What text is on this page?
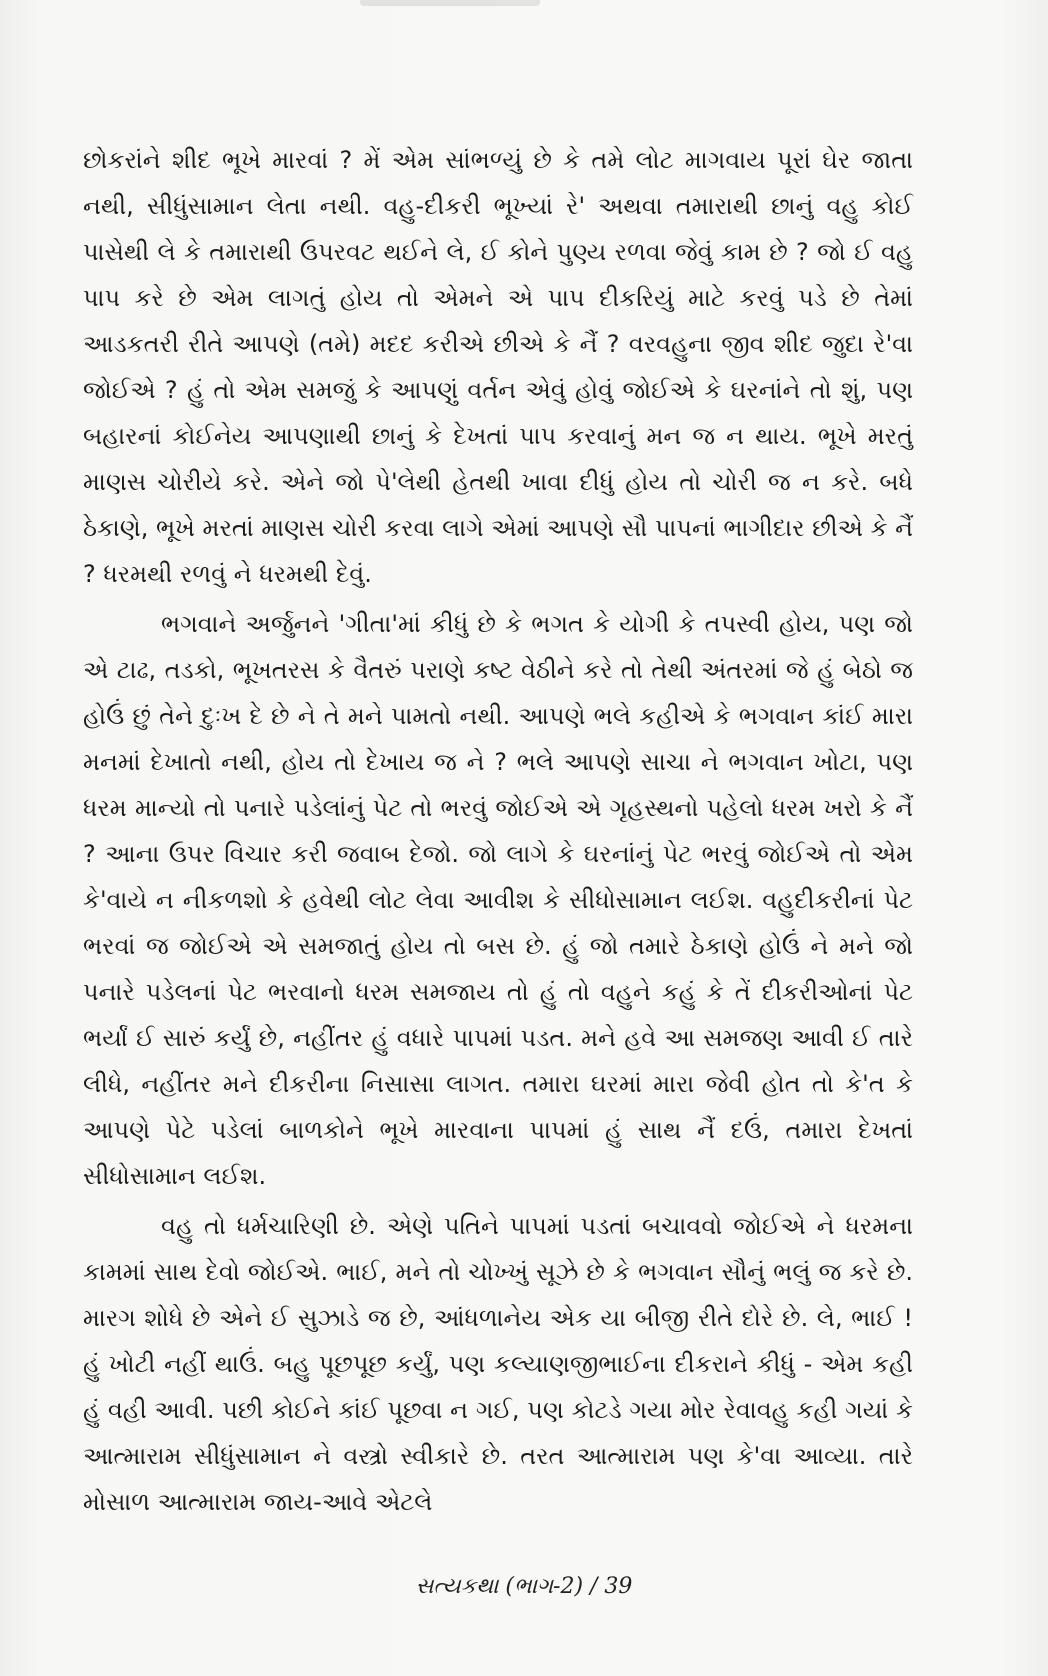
છોકરાંને શીદ ભૂખે મારવાં ? મેં એમ સાંભળ્યું છે કે તમે લોટ માગવાય પૂરાં ઘેર જાતા નથી, સીધુંસામાન લેતા નથી. વહુ-દીકરી ભૂખ્યાં રે' અથવા તમારાથી છાનું વહુ કોઈ પાસેથી લે કે તમારાથી ઉપરવટ થઈને લે, ઈ કોને પુણ્ય રળવા જેવું કામ છે ? જો ઈ વહુ પાપ કરે છે એમ લાગતું હોય તો એમને એ પાપ દીકરિયું માટે કરવું પડે છે તેમાં આડકતરી રીતે આપણે (તમે) મદદ કરીએ છીએ કે નૈં ? વરવહુના જીવ શીદ જુદા રે'વા જોઈએ ? હું તો એમ સમજું કે આપણું વર્તન એવું હોવું જોઈએ કે ઘરનાંને તો શું, પણ બહારનાં કોઈનેય આપણાથી છાનું કે દેખતાં પાપ કરવાનું મન જ ન થાય. ભૂખે મરતું માણસ ચોરીયે કરે. એને જો પે'લેથી હેતથી ખાવા દીધું હોય તો ચોરી જ ન કરે. બધે ઠેકાણે, ભૂખે મરતાં માણસ ચોરી કરવા લાગે એમાં આપણે સૌ પાપનાં ભાગીદાર છીએ કે નૈં ? ધરમથી રળવું ને ધરમથી દેવું.

ભગવાને અર્જુનને 'ગીતા'માં કીધું છે કે ભગત કે યોગી કે તપસ્વી હોય, પણ જો એ ટાઢ, તડકો, ભૂખતરસ કે વૈતરું પરાણે કષ્ટ વેઠીને કરે તો તેથી અંતરમાં જે હું બેઠો જ હોઉં છું તેને દુઃખ દે છે ને તે મને પામતો નથી. આપણે ભલે કહીએ કે ભગવાન કાંઈ મારા મનમાં દેખાતો નથી, હોય તો દેખાય જ ને ? ભલે આપણે સાચા ને ભગવાન ખોટા, પણ ધરમ માન્યો તો પનારે પડેલાંનું પેટ તો ભરવું જોઈએ એ ગૃહસ્થનો પહેલો ધરમ ખરો કે નૈં ? આના ઉપર વિચાર કરી જવાબ દેજો. જો લાગે કે ઘરનાંનું પેટ ભરવું જોઈએ તો એમ કે'વાયે ન નીકળશો કે હવેથી લોટ લેવા આવીશ કે સીધોસામાન લઈશ. વહુદીકરીનાં પેટ ભરવાં જ જોઈએ એ સમજાતું હોય તો બસ છે. હું જો તમારે ઠેકાણે હોઉં ને મને જો પનારે પડેલનાં પેટ ભરવાનો ધરમ સમજાય તો હું તો વહુને કહું કે તેં દીકરીઓનાં પેટ ભર્યાં ઈ સારું કર્યું છે, નહીંતર હું વધારે પાપમાં પડત. મને હવે આ સમજણ આવી ઈ તારે લીધે, નહીંતર મને દીકરીના નિસાસા લાગત. તમારા ઘરમાં મારા જેવી હોત તો કે'ત કે આપણે પેટે પડેલાં બાળકોને ભૂખે મારવાના પાપમાં હું સાથ નૈં દઉં, તમારા દેખતાં સીધોસામાન લઈશ.

વહુ તો ધર્મચારિણી છે. એણે પતિને પાપમાં પડતાં બચાવવો જોઈએ ને ધરમના કામમાં સાથ દેવો જોઈએ. ભાઈ, મને તો ચોખ્ખું સૂઝે છે કે ભગવાન સૌનું ભલું જ કરે છે. મારગ શોધે છે એને ઈ સુઝાડે જ છે, આંધળાનેય એક યા બીજી રીતે દોરે છે. લે, ભાઈ ! હું ખોટી નહીં થાઉં. બહુ પૂછપૂછ કર્યું, પણ કલ્યાણજીભાઈના દીકરાને કીધું - એમ કહી હું વહી આવી. પછી કોઈને કાંઈ પૂછવા ન ગઈ, પણ કોટડે ગયા મોર રેવાવહુ કહી ગયાં કે આત્મારામ સીધુંસામાન ને વસ્ત્રો સ્વીકારે છે. તરત આત્મારામ પણ કે'વા આવ્યા. તારે મોસાળ આત્મારામ જાય-આવે એટલે

સત્યકથા (ભાગ-2) / 39
